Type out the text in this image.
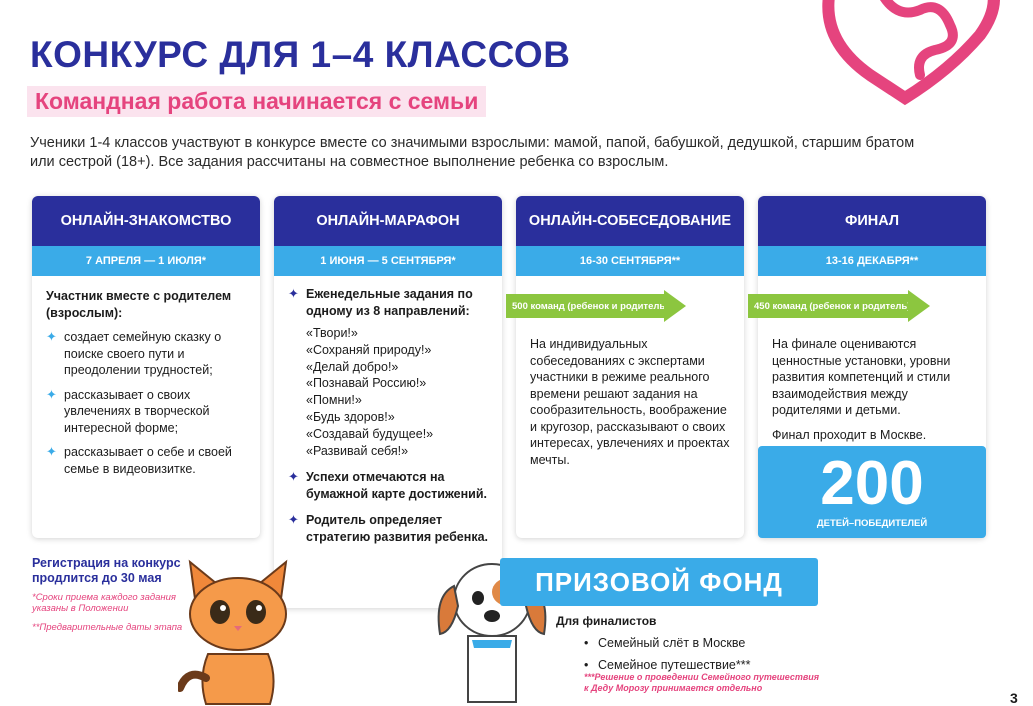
КОНКУРС ДЛЯ 1–4 КЛАССОВ
Командная работа начинается с семьи
Ученики 1-4 классов участвуют в конкурсе вместе со значимыми взрослыми: мамой, папой, бабушкой, дедушкой, старшим братом или сестрой (18+). Все задания рассчитаны на совместное выполнение ребенка со взрослым.
ОНЛАЙН-ЗНАКОМСТВО
7 АПРЕЛЯ — 1 ИЮЛЯ*
Участник вместе с родителем (взрослым):
✦ создает семейную сказку о поиске своего пути и преодолении трудностей;
✦ рассказывает о своих увлечениях в творческой интересной форме;
✦ рассказывает о себе и своей семье в видеовизитке.
ОНЛАЙН-МАРАФОН
1 ИЮНЯ — 5 СЕНТЯБРЯ*
✦ Еженедельные задания по одному из 8 направлений:
«Твори!»
«Сохраняй природу!»
«Делай добро!»
«Познавай Россию!»
«Помни!»
«Будь здоров!»
«Создавай будущее!»
«Развивай себя!»
✦ Успехи отмечаются на бумажной карте достижений.
✦ Родитель определяет стратегию развития ребенка.
ОНЛАЙН-СОБЕСЕДОВАНИЕ
16-30 СЕНТЯБРЯ**
На индивидуальных собеседованиях с экспертами участники в режиме реального времени решают задания на сообразительность, воображение и кругозор, рассказывают о своих интересах, увлечениях и проектах мечты.
ФИНАЛ
13-16 ДЕКАБРЯ**
На финале оцениваются ценностные установки, уровни развития компетенций и стили взаимодействия между родителями и детьми.
Финал проходит в Москве.
500 команд (ребенок и родитель)	450 команд (ребенок и родитель)
200
ДЕТЕЙ–ПОБЕДИТЕЛЕЙ
Регистрация на конкурс продлится до 30 мая
*Сроки приема каждого задания указаны в Положении
**Предварительные даты этапа
ПРИЗОВОЙ ФОНД
Для финалистов
• Семейный слёт в Москве
• Семейное путешествие***
***Решение о проведении Семейного путешествия к Деду Морозу принимается отдельно
3
